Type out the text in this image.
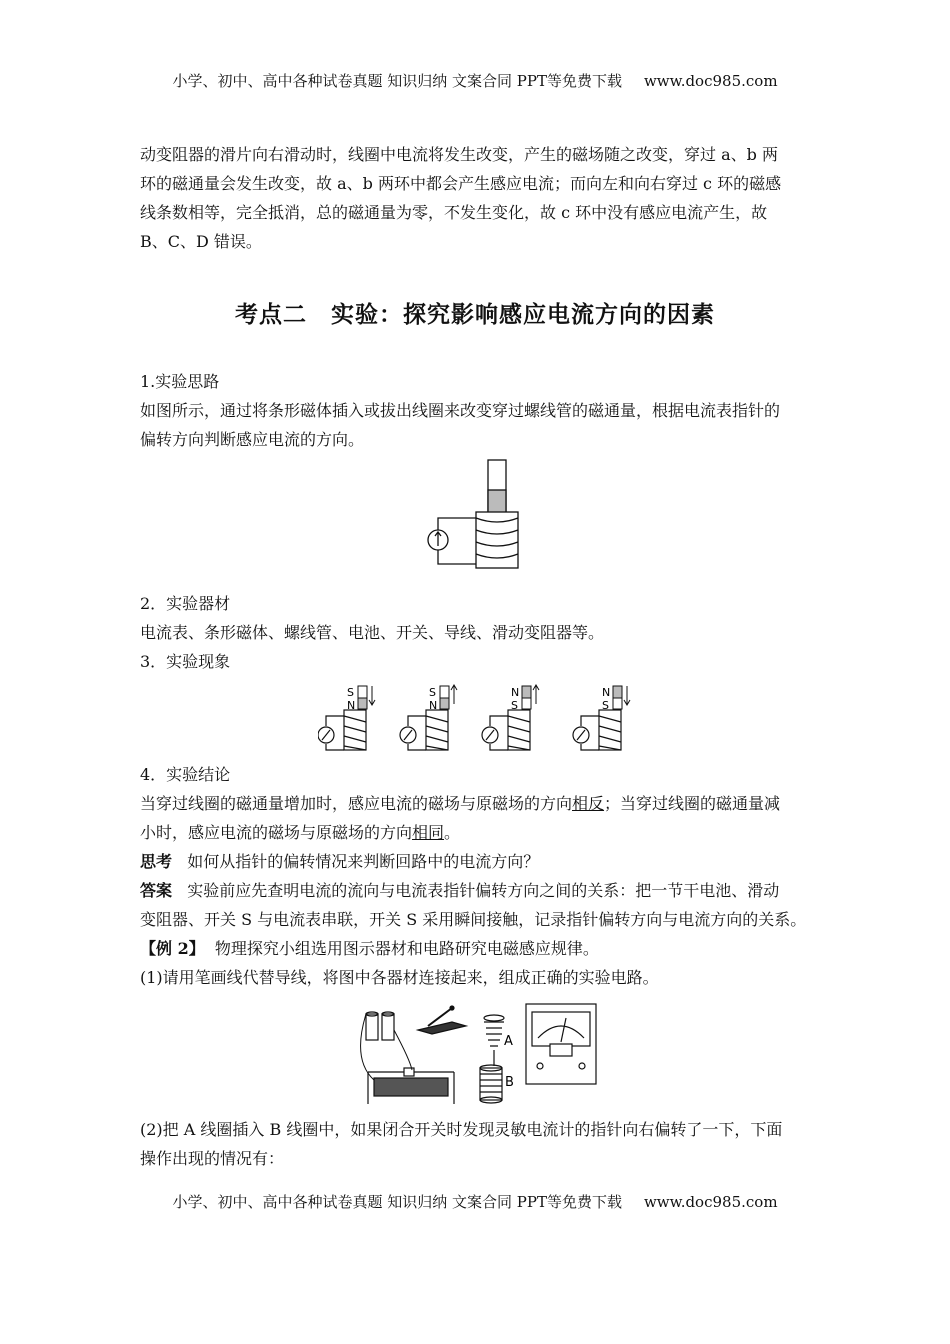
小学、初中、高中各种试卷真题 知识归纳 文案合同 PPT等免费下载 www.doc985.com
动变阻器的滑片向右滑动时，线圈中电流将发生改变，产生的磁场随之改变，穿过 a、b 两
环的磁通量会发生改变，故 a、b 两环中都会产生感应电流；而向左和向右穿过 c 环的磁感
线条数相等，完全抵消，总的磁通量为零，不发生变化，故 c 环中没有感应电流产生，故
B、C、D 错误。
考点二　实验：探究影响感应电流方向的因素
1.实验思路
如图所示，通过将条形磁体插入或拔出线圈来改变穿过螺线管的磁通量，根据电流表指针的
偏转方向判断感应电流的方向。
2．实验器材
电流表、条形磁体、螺线管、电池、开关、导线、滑动变阻器等。
3．实验现象
S
N
S
N
N
S
N
S
4．实验结论
当穿过线圈的磁通量增加时，感应电流的磁场与原磁场的方向相反；当穿过线圈的磁通量减
小时，感应电流的磁场与原磁场的方向相同。
思考 如何从指针的偏转情况来判断回路中的电流方向？
答案 实验前应先查明电流的流向与电流表指针偏转方向之间的关系：把一节干电池、滑动
变阻器、开关 S 与电流表串联，开关 S 采用瞬间接触，记录指针偏转方向与电流方向的关系。
【例 2】 物理探究小组选用图示器材和电路研究电磁感应规律。
(1)请用笔画线代替导线，将图中各器材连接起来，组成正确的实验电路。
A
B
(2)把 A 线圈插入 B 线圈中，如果闭合开关时发现灵敏电流计的指针向右偏转了一下，下面
操作出现的情况有：
小学、初中、高中各种试卷真题 知识归纳 文案合同 PPT等免费下载 www.doc985.com
